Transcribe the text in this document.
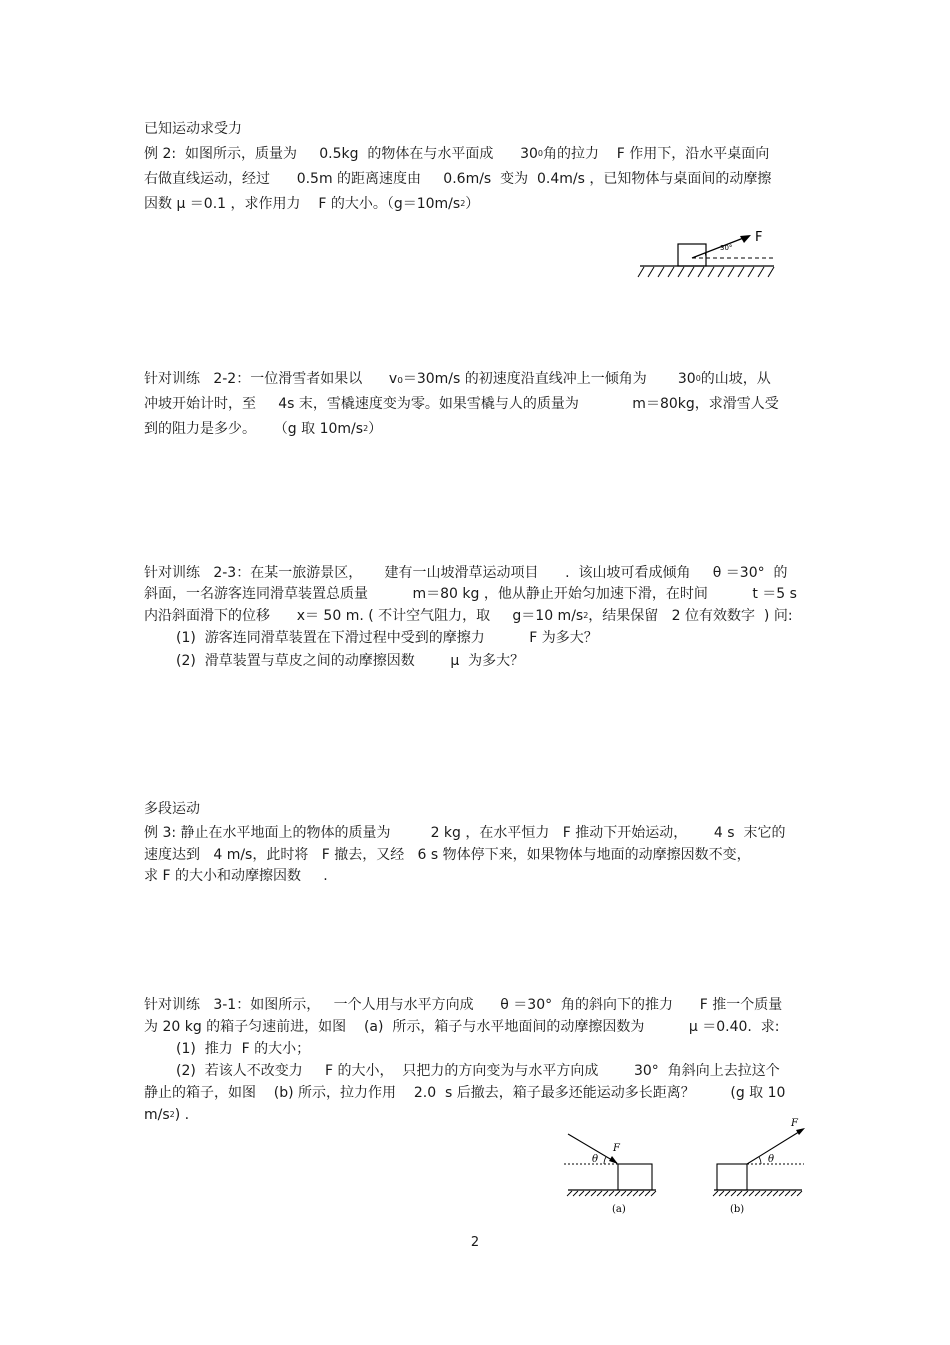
已知运动求受力
例 2:  如图所示，质量为     0.5kg  的物体在与水平面成      $30^0$角的拉力    F 作用下，沿水平桌面向
右做直线运动，经过      0.5m 的距离速度由     0.6m/s  变为  0.4m/s ，已知物体与桌面间的动摩擦
因数 μ ＝0.1 ，求作用力    F 的大小。$(g=10m/s^2)$
30°
F
针对训练   2-2：一位滑雪者如果以      v₀＝30m/s 的初速度沿直线冲上一倾角为       $30^0$的山坡，从
冲坡开始计时，至     4s 末，雪橇速度变为零。如果雪橇与人的质量为            m＝80kg，求滑雪人受
到的阻力是多少。    （g 取 $10m/s^2$）
针对训练   2-3：在某一旅游景区，     建有一山坡滑草运动项目      .  该山坡可看成倾角     θ ＝30°  的
斜面，一名游客连同滑草装置总质量          m＝80 kg ，他从静止开始匀加速下滑，在时间          t ＝5 s
内沿斜面滑下的位移      x＝ 50 m. ( 不计空气阻力，取     g＝10 $m/s^2$，结果保留   2 位有效数字  ) 问:
(1)  游客连同滑草装置在下滑过程中受到的摩擦力          F 为多大？
(2)  滑草装置与草皮之间的动摩擦因数        μ  为多大？
多段运动
例 3: 静止在水平地面上的物体的质量为         2 kg ，在水平恒力   F 推动下开始运动，      4 s  末它的
速度达到   4 m/s，此时将   F 撤去，又经   6 s 物体停下来，如果物体与地面的动摩擦因数不变，
求 F 的大小和动摩擦因数     .
针对训练   3-1：如图所示，   一个人用与水平方向成      θ ＝30°  角的斜向下的推力      F 推一个质量
为 20 kg 的箱子匀速前进，如图    (a)  所示，箱子与水平地面间的动摩擦因数为          μ ＝0.40.  求:
(1)  推力  F 的大小；
(2)  若该人不改变力     F 的大小，  只把力的方向变为与水平方向成        30°  角斜向上去拉这个
静止的箱子，如图    (b) 所示，拉力作用    2.0  s 后撤去，箱子最多还能运动多长距离？        (g 取 10
$m/s^2$) .
θ
F
(a)
θ
F
(b)
2
